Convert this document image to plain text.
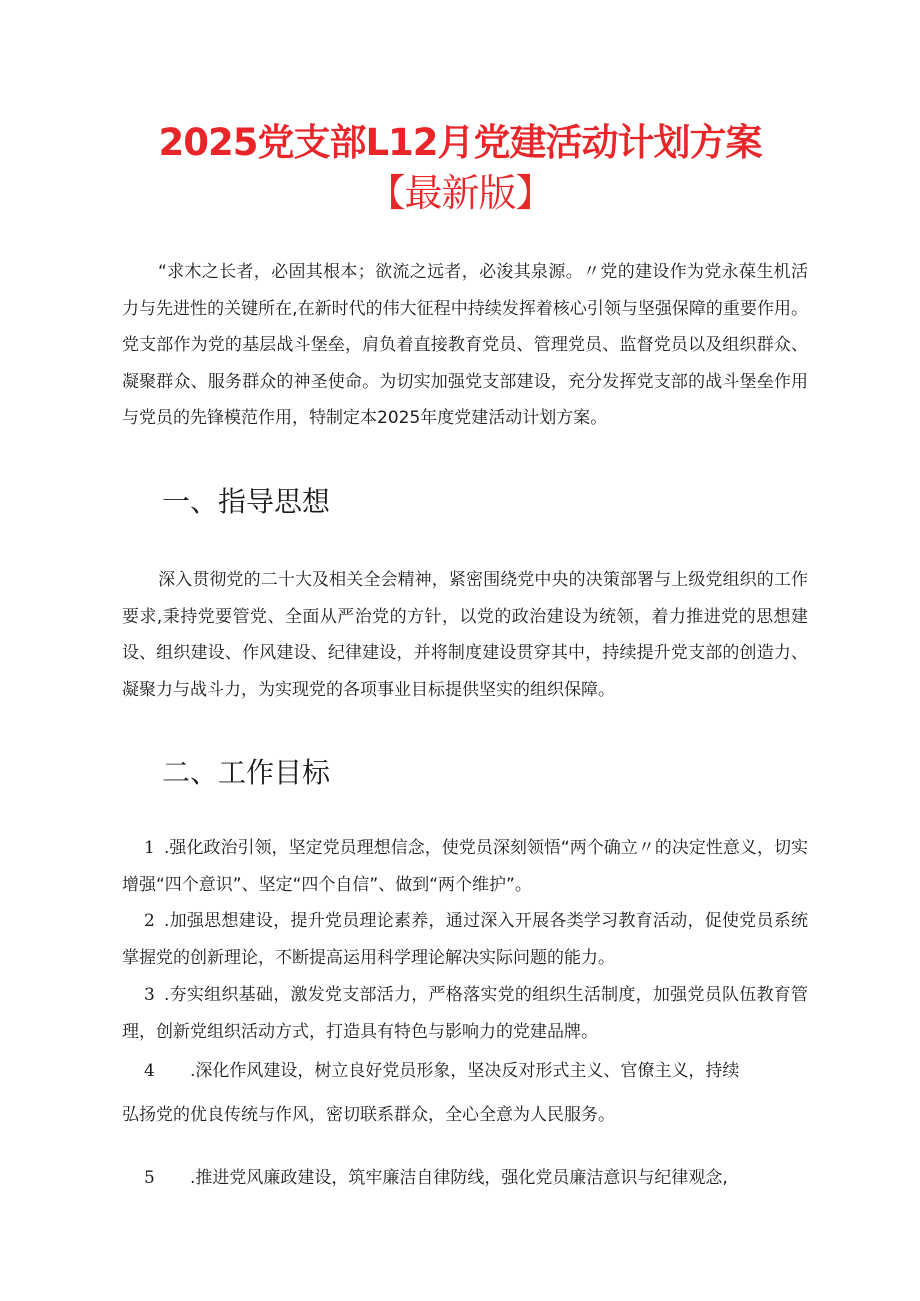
2025党支部L12月党建活动计划方案
【最新版】

“求木之长者，必固其根本；欲流之远者，必浚其泉源。〃党的建设作为党永葆生机活力与先进性的关键所在,在新时代的伟大征程中持续发挥着核心引领与坚强保障的重要作用。党支部作为党的基层战斗堡垒，肩负着直接教育党员、管理党员、监督党员以及组织群众、凝聚群众、服务群众的神圣使命。为切实加强党支部建设，充分发挥党支部的战斗堡垒作用与党员的先锋模范作用，特制定本2025年度党建活动计划方案。

一、指导思想

深入贯彻党的二十大及相关全会精神，紧密围绕党中央的决策部署与上级党组织的工作要求,秉持党要管党、全面从严治党的方针，以党的政治建设为统领，着力推进党的思想建设、组织建设、作风建设、纪律建设，并将制度建设贯穿其中，持续提升党支部的创造力、凝聚力与战斗力，为实现党的各项事业目标提供坚实的组织保障。

二、工作目标

1 .强化政治引领，坚定党员理想信念，使党员深刻领悟“两个确立〃的决定性意义，切实增强“四个意识”、坚定“四个自信”、做到“两个维护”。

2 .加强思想建设，提升党员理论素养，通过深入开展各类学习教育活动，促使党员系统掌握党的创新理论，不断提高运用科学理论解决实际问题的能力。

3 .夯实组织基础，激发党支部活力，严格落实党的组织生活制度，加强党员队伍教育管理，创新党组织活动方式，打造具有特色与影响力的党建品牌。

4 .深化作风建设，树立良好党员形象，坚决反对形式主义、官僚主义，持续

弘扬党的优良传统与作风，密切联系群众，全心全意为人民服务。

5 .推进党风廉政建设，筑牢廉洁自律防线，强化党员廉洁意识与纪律观念,
